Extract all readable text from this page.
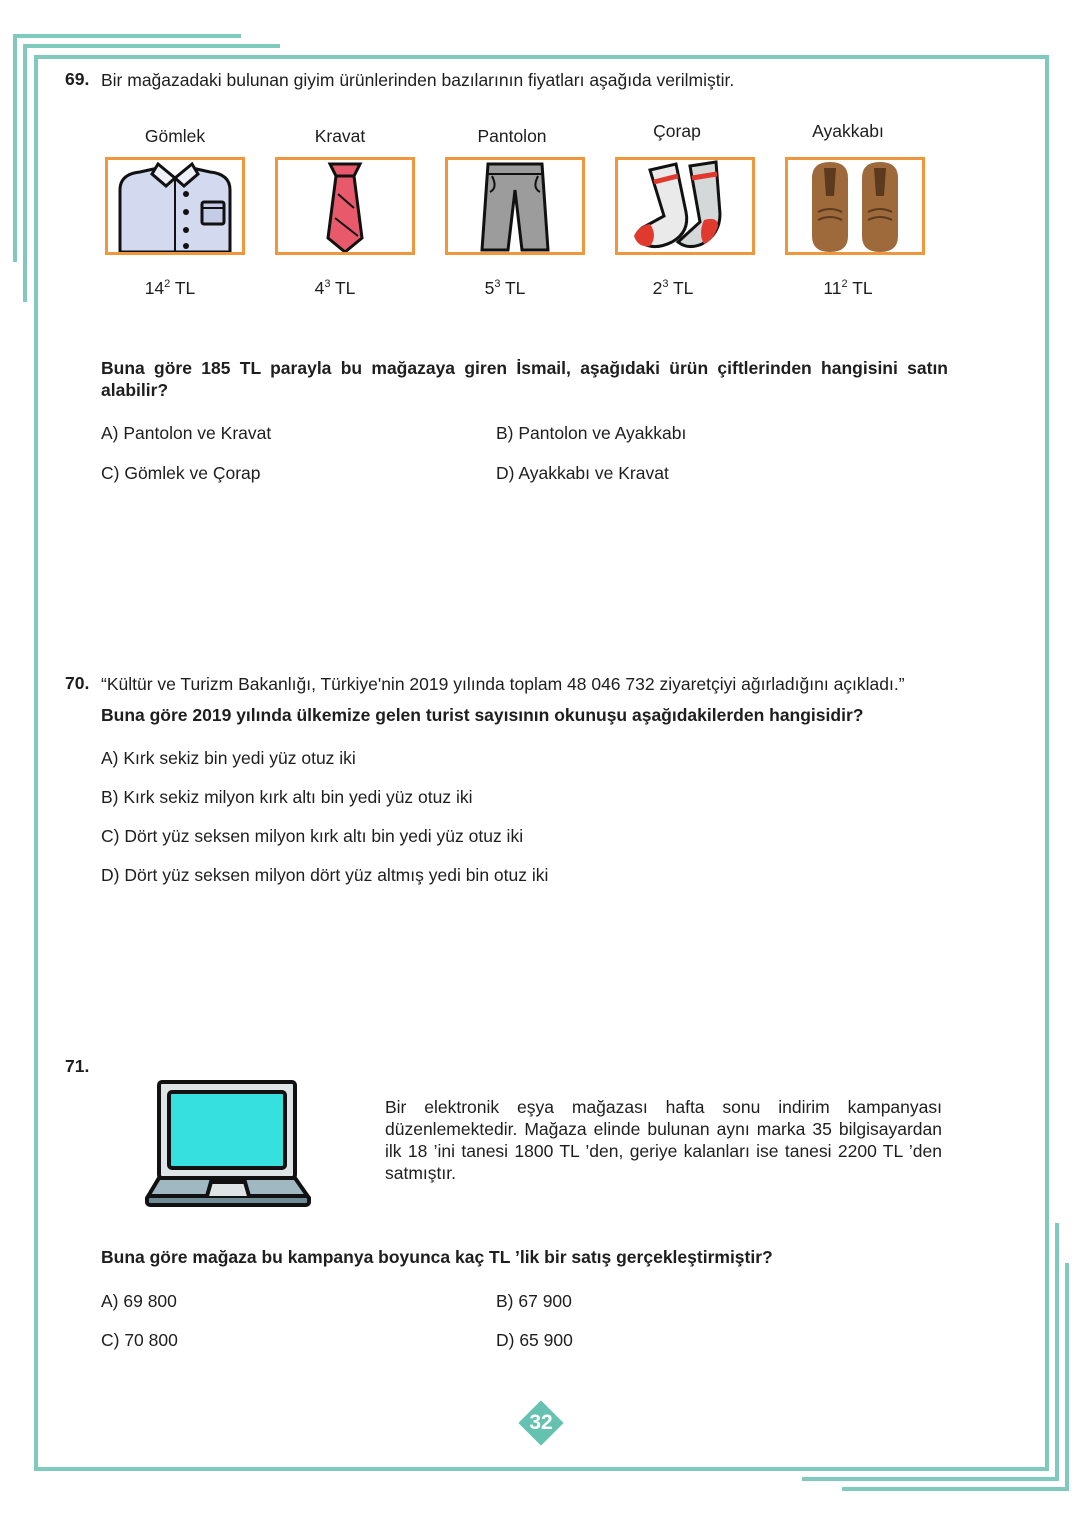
69. Bir mağazadaki bulunan giyim ürünlerinden bazılarının fiyatları aşağıda verilmiştir.
Gömlek	Kravat	Pantolon	Çorap	Ayakkabı
$14^2$ TL	$4^3$ TL	$5^3$ TL	$2^3$ TL	$11^2$ TL
Buna göre 185 TL parayla bu mağazaya giren İsmail, aşağıdaki ürün çiftlerinden hangisini satın alabilir?
A) Pantolon ve Kravat	B) Pantolon ve Ayakkabı
C) Gömlek ve Çorap	D) Ayakkabı ve Kravat
70. “Kültür ve Turizm Bakanlığı, Türkiye'nin 2019 yılında toplam 48 046 732 ziyaretçiyi ağırladığını açıkladı.”
Buna göre 2019 yılında ülkemize gelen turist sayısının okunuşu aşağıdakilerden hangisidir?
A) Kırk sekiz bin yedi yüz otuz iki
B) Kırk sekiz milyon kırk altı bin yedi yüz otuz iki
C) Dört yüz seksen milyon kırk altı bin yedi yüz otuz iki
D) Dört yüz seksen milyon dört yüz altmış yedi bin otuz iki
71.
Bir elektronik eşya mağazası hafta sonu indirim kampanyası düzenlemektedir. Mağaza elinde bulunan aynı marka 35 bilgisayardan ilk 18 ’ini tanesi 1800 TL ’den, geriye kalanları ise tanesi 2200 TL ’den satmıştır.
Buna göre mağaza bu kampanya boyunca kaç TL ’lik bir satış gerçekleştirmiştir?
A) 69 800	B) 67 900
C) 70 800	D) 65 900
32
